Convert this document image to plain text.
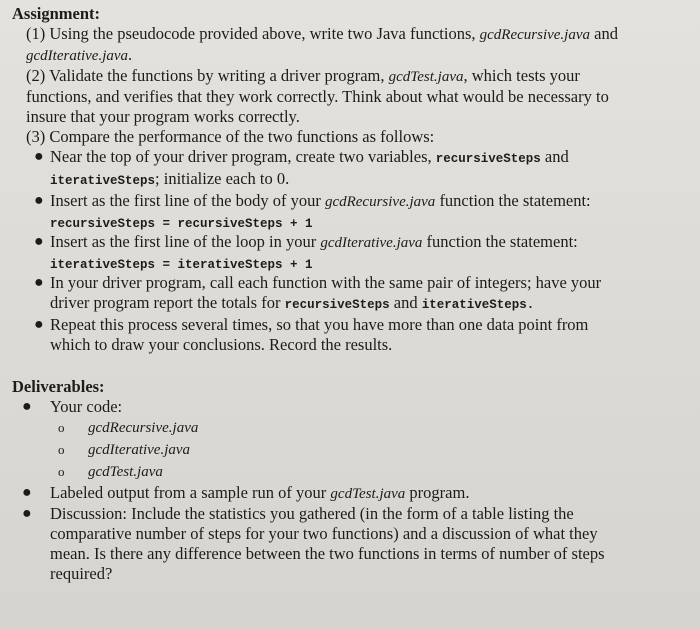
Assignment:

(1) Using the pseudocode provided above, write two Java functions, gcdRecursive.java and
gcdIterative.java.

(2) Validate the functions by writing a driver program, gcdTest.java, which tests your
functions, and verifies that they work correctly. Think about what would be necessary to
insure that your program works correctly.

(3) Compare the performance of the two functions as follows:

● Near the top of your driver program, create two variables, recursiveSteps and
iterativeSteps; initialize each to 0.
● Insert as the first line of the body of your gcdRecursive.java function the statement:
recursiveSteps = recursiveSteps + 1
● Insert as the first line of the loop in your gcdIterative.java function the statement:
iterativeSteps = iterativeSteps + 1
● In your driver program, call each function with the same pair of integers; have your
driver program report the totals for recursiveSteps and iterativeSteps.
● Repeat this process several times, so that you have more than one data point from
which to draw your conclusions. Record the results.

Deliverables:

● Your code:
o gcdRecursive.java
o gcdIterative.java
o gcdTest.java
● Labeled output from a sample run of your gcdTest.java program.
● Discussion: Include the statistics you gathered (in the form of a table listing the
comparative number of steps for your two functions) and a discussion of what they
mean. Is there any difference between the two functions in terms of number of steps
required?
